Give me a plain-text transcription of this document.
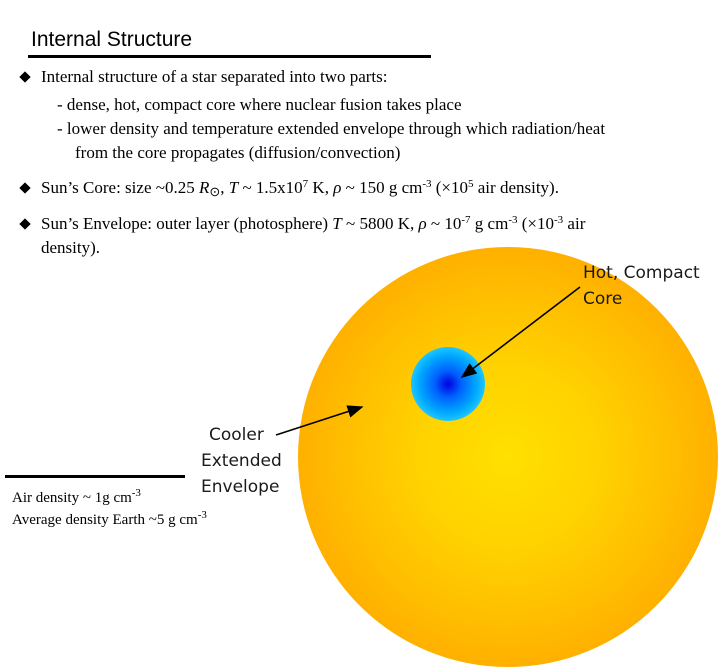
Internal Structure
Internal structure of a star separated into two parts:
- dense, hot, compact core where nuclear fusion takes place
- lower density and temperature extended envelope through which radiation/heat
from the core propagates (diffusion/convection)
Sun’s Core: size ~0.25 R⊙, T ~ $1.5x10^7$ K, ρ ~ 150 g $cm^{-3}$ ($\times 10^5$ air density).
Sun’s Envelope: outer layer (photosphere) T ~ 5800 K, ρ ~ $10^{-7}$ g $cm^{-3}$ ($\times 10^{-3}$ air
density).
Hot, Compact
Core
Cooler
Extended
Envelope
Air density ~ 1g $cm^{-3}$
Average density Earth ~5 g $cm^{-3}$
